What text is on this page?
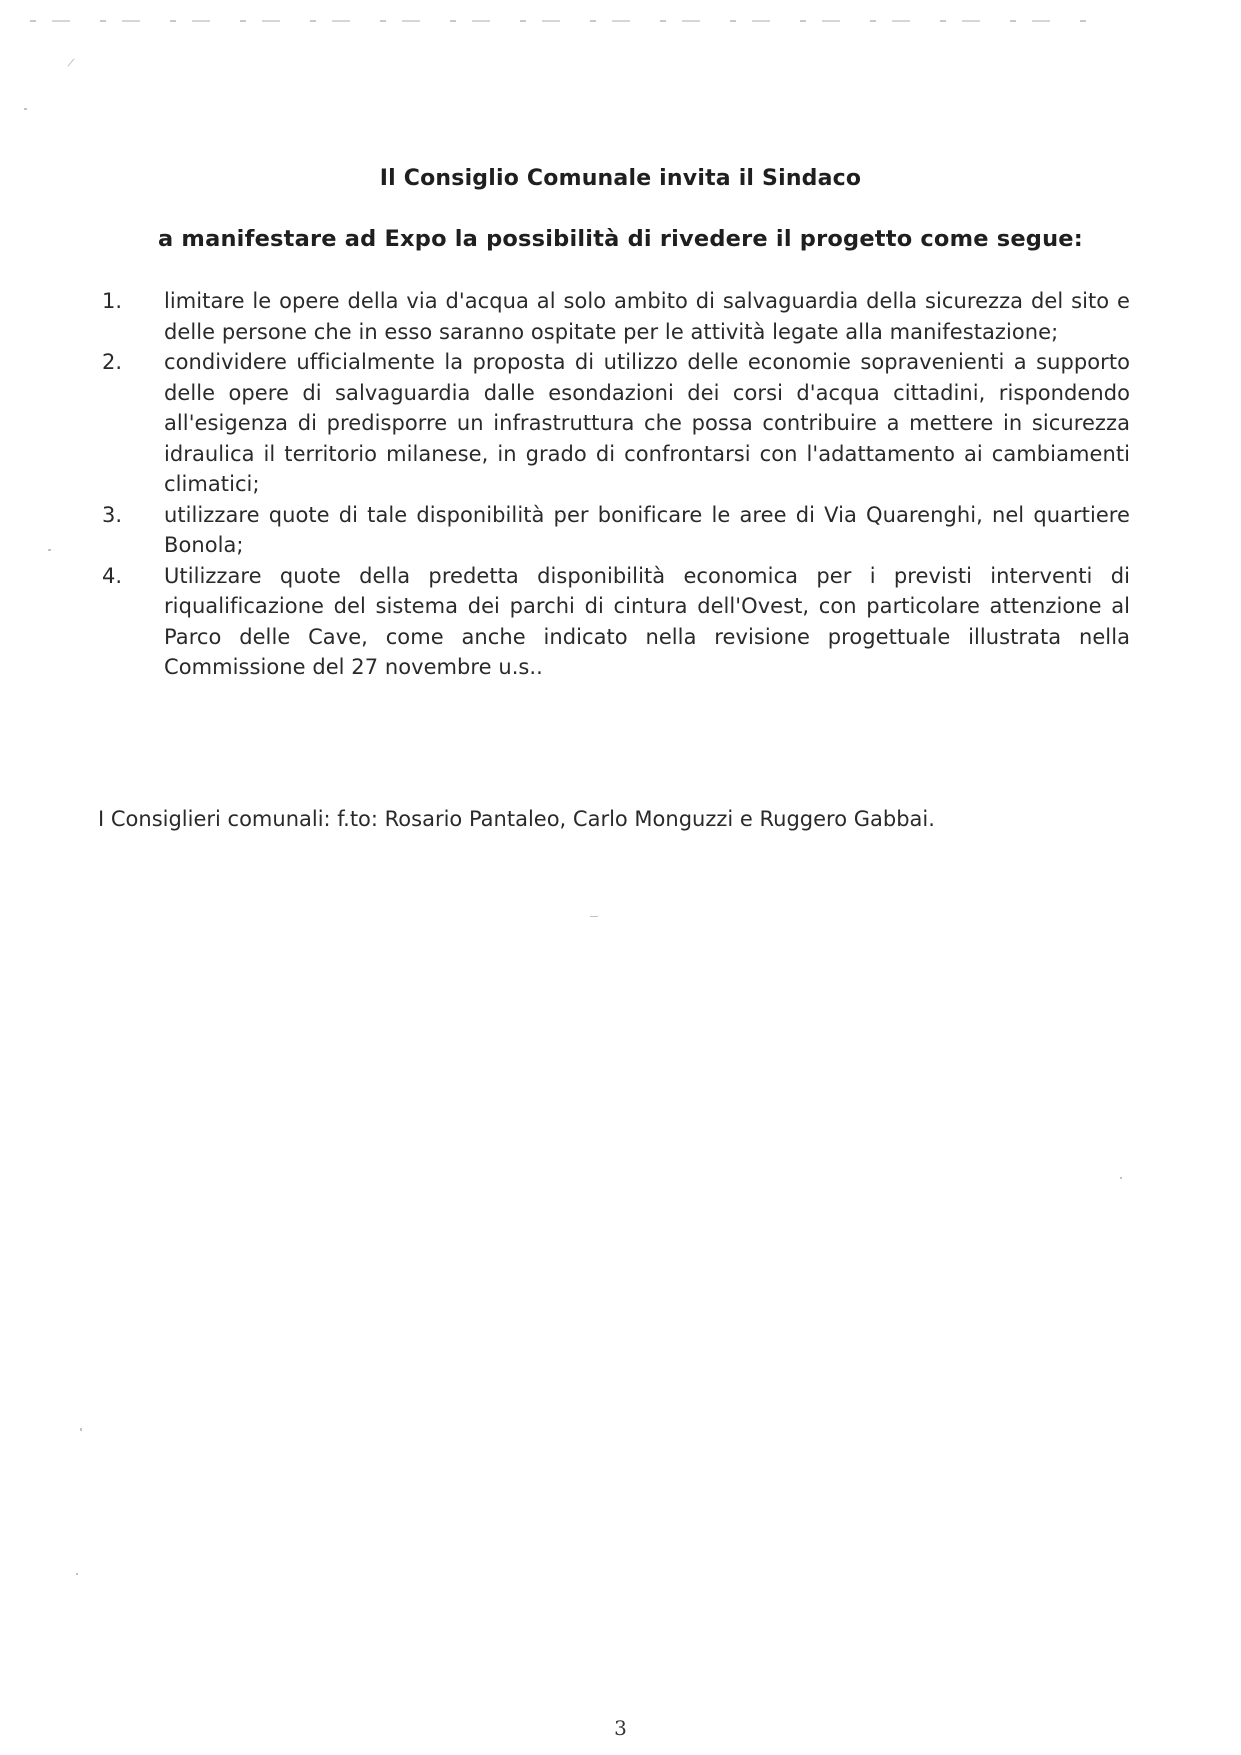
Il Consiglio Comunale invita il Sindaco
a manifestare ad Expo la possibilità di rivedere il progetto come segue:
1. limitare le opere della via d'acqua al solo ambito di salvaguardia della sicurezza del sito e delle persone che in esso saranno ospitate per le attività legate alla manifestazione;
2. condividere ufficialmente la proposta di utilizzo delle economie sopravenienti a supporto delle opere di salvaguardia dalle esondazioni dei corsi d'acqua cittadini, rispondendo all'esigenza di predisporre un infrastruttura che possa contribuire a mettere in sicurezza idraulica il territorio milanese, in grado di confrontarsi con l'adattamento ai cambiamenti climatici;
3. utilizzare quote di tale disponibilità per bonificare le aree di Via Quarenghi, nel quartiere Bonola;
4. Utilizzare quote della predetta disponibilità economica per i previsti interventi di riqualificazione del sistema dei parchi di cintura dell'Ovest, con particolare attenzione al Parco delle Cave, come anche indicato nella revisione progettuale illustrata nella Commissione del 27 novembre u.s..
I Consiglieri comunali: f.to: Rosario Pantaleo, Carlo Monguzzi e Ruggero Gabbai.
3
